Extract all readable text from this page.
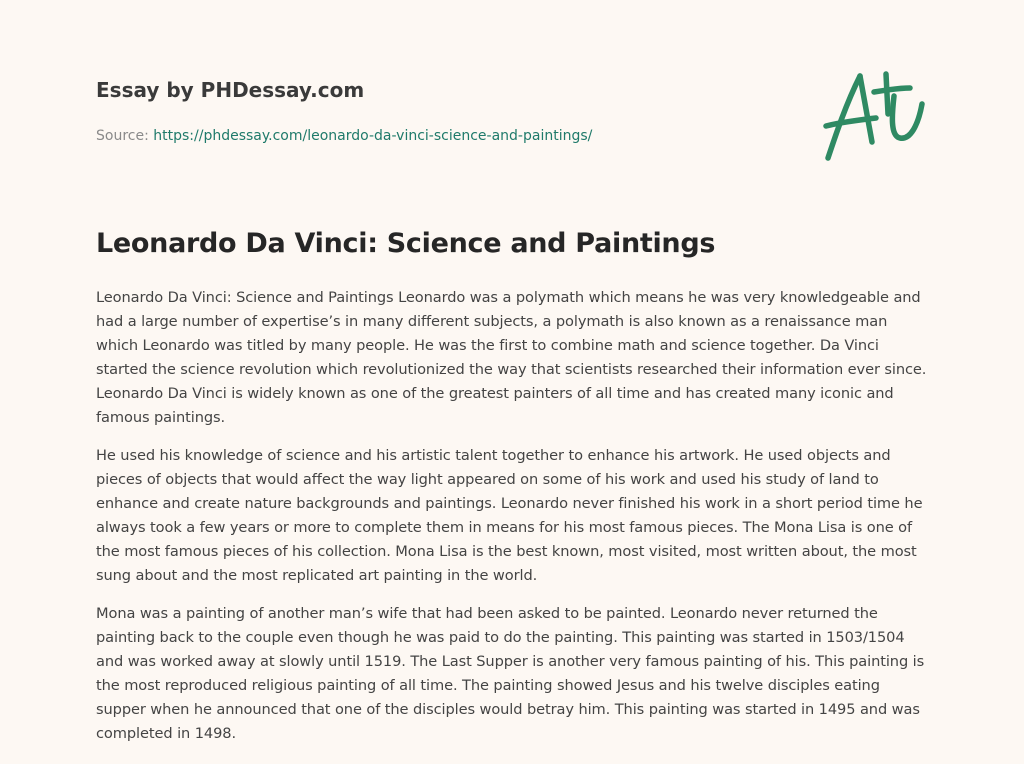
Essay by PHDessay.com
Source: https://phdessay.com/leonardo-da-vinci-science-and-paintings/
Leonardo Da Vinci: Science and Paintings

Leonardo Da Vinci: Science and Paintings Leonardo was a polymath which means he was very knowledgeable and had a large number of expertise’s in many different subjects, a polymath is also known as a renaissance man which Leonardo was titled by many people. He was the first to combine math and science together. Da Vinci started the science revolution which revolutionized the way that scientists researched their information ever since. Leonardo Da Vinci is widely known as one of the greatest painters of all time and has created many iconic and famous paintings.

He used his knowledge of science and his artistic talent together to enhance his artwork. He used objects and pieces of objects that would affect the way light appeared on some of his work and used his study of land to enhance and create nature backgrounds and paintings. Leonardo never finished his work in a short period time he always took a few years or more to complete them in means for his most famous pieces. The Mona Lisa is one of the most famous pieces of his collection. Mona Lisa is the best known, most visited, most written about, the most sung about and the most replicated art painting in the world.

Mona was a painting of another man’s wife that had been asked to be painted. Leonardo never returned the painting back to the couple even though he was paid to do the painting. This painting was started in 1503/1504 and was worked away at slowly until 1519. The Last Supper is another very famous painting of his. This painting is the most reproduced religious painting of all time. The painting showed Jesus and his twelve disciples eating supper when he announced that one of the disciples would betray him. This painting was started in 1495 and was completed in 1498.
